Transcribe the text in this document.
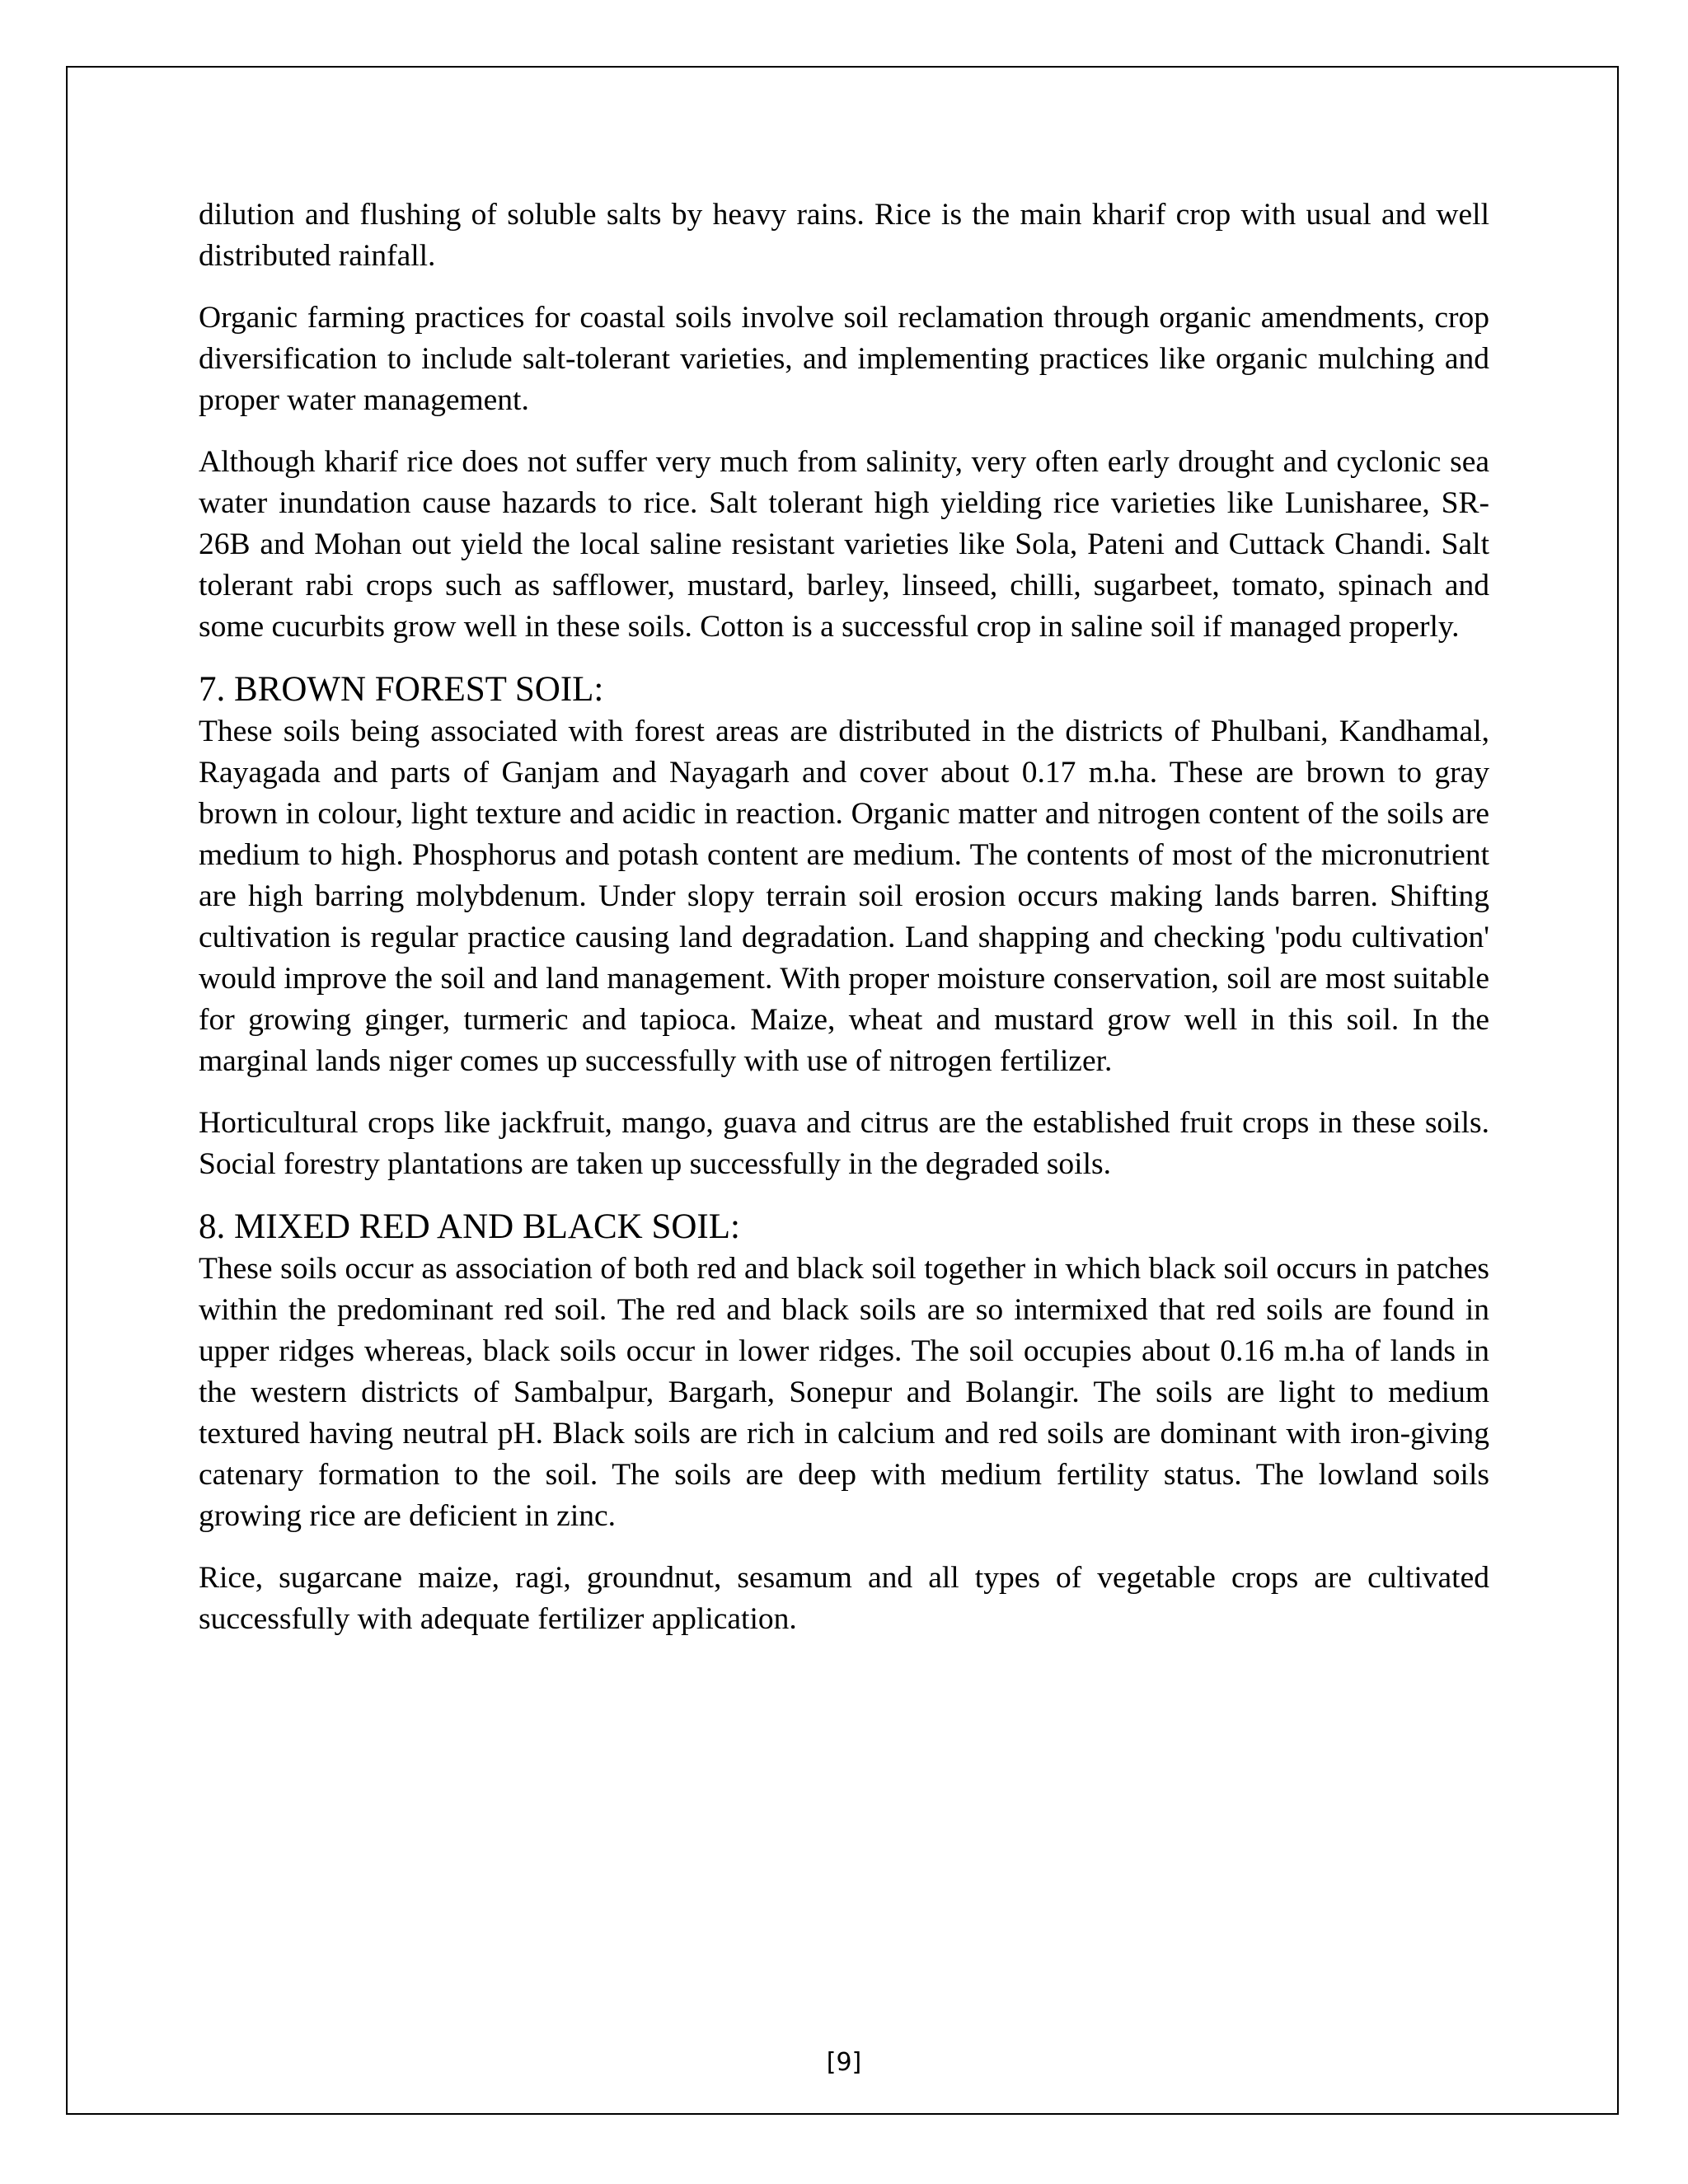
dilution and flushing of soluble salts by heavy rains. Rice is the main kharif crop with usual and well distributed rainfall.

Organic farming practices for coastal soils involve soil reclamation through organic amendments, crop diversification to include salt-tolerant varieties, and implementing practices like organic mulching and proper water management.

Although kharif rice does not suffer very much from salinity, very often early drought and cyclonic sea water inundation cause hazards to rice. Salt tolerant high yielding rice varieties like Lunisharee, SR-26B and Mohan out yield the local saline resistant varieties like Sola, Pateni and Cuttack Chandi. Salt tolerant rabi crops such as safflower, mustard, barley, linseed, chilli, sugarbeet, tomato, spinach and some cucurbits grow well in these soils. Cotton is a successful crop in saline soil if managed properly.

7. BROWN FOREST SOIL:

These soils being associated with forest areas are distributed in the districts of Phulbani, Kandhamal, Rayagada and parts of Ganjam and Nayagarh and cover about 0.17 m.ha. These are brown to gray brown in colour, light texture and acidic in reaction. Organic matter and nitrogen content of the soils are medium to high. Phosphorus and potash content are medium. The contents of most of the micronutrient are high barring molybdenum. Under slopy terrain soil erosion occurs making lands barren. Shifting cultivation is regular practice causing land degradation. Land shapping and checking 'podu cultivation' would improve the soil and land management. With proper moisture conservation, soil are most suitable for growing ginger, turmeric and tapioca. Maize, wheat and mustard grow well in this soil. In the marginal lands niger comes up successfully with use of nitrogen fertilizer.

Horticultural crops like jackfruit, mango, guava and citrus are the established fruit crops in these soils. Social forestry plantations are taken up successfully in the degraded soils.

8. MIXED RED AND BLACK SOIL:

These soils occur as association of both red and black soil together in which black soil occurs in patches within the predominant red soil. The red and black soils are so intermixed that red soils are found in upper ridges whereas, black soils occur in lower ridges. The soil occupies about 0.16 m.ha of lands in the western districts of Sambalpur, Bargarh, Sonepur and Bolangir. The soils are light to medium textured having neutral pH. Black soils are rich in calcium and red soils are dominant with iron-giving catenary formation to the soil. The soils are deep with medium fertility status. The lowland soils growing rice are deficient in zinc.

Rice, sugarcane maize, ragi, groundnut, sesamum and all types of vegetable crops are cultivated successfully with adequate fertilizer application.

[9]
